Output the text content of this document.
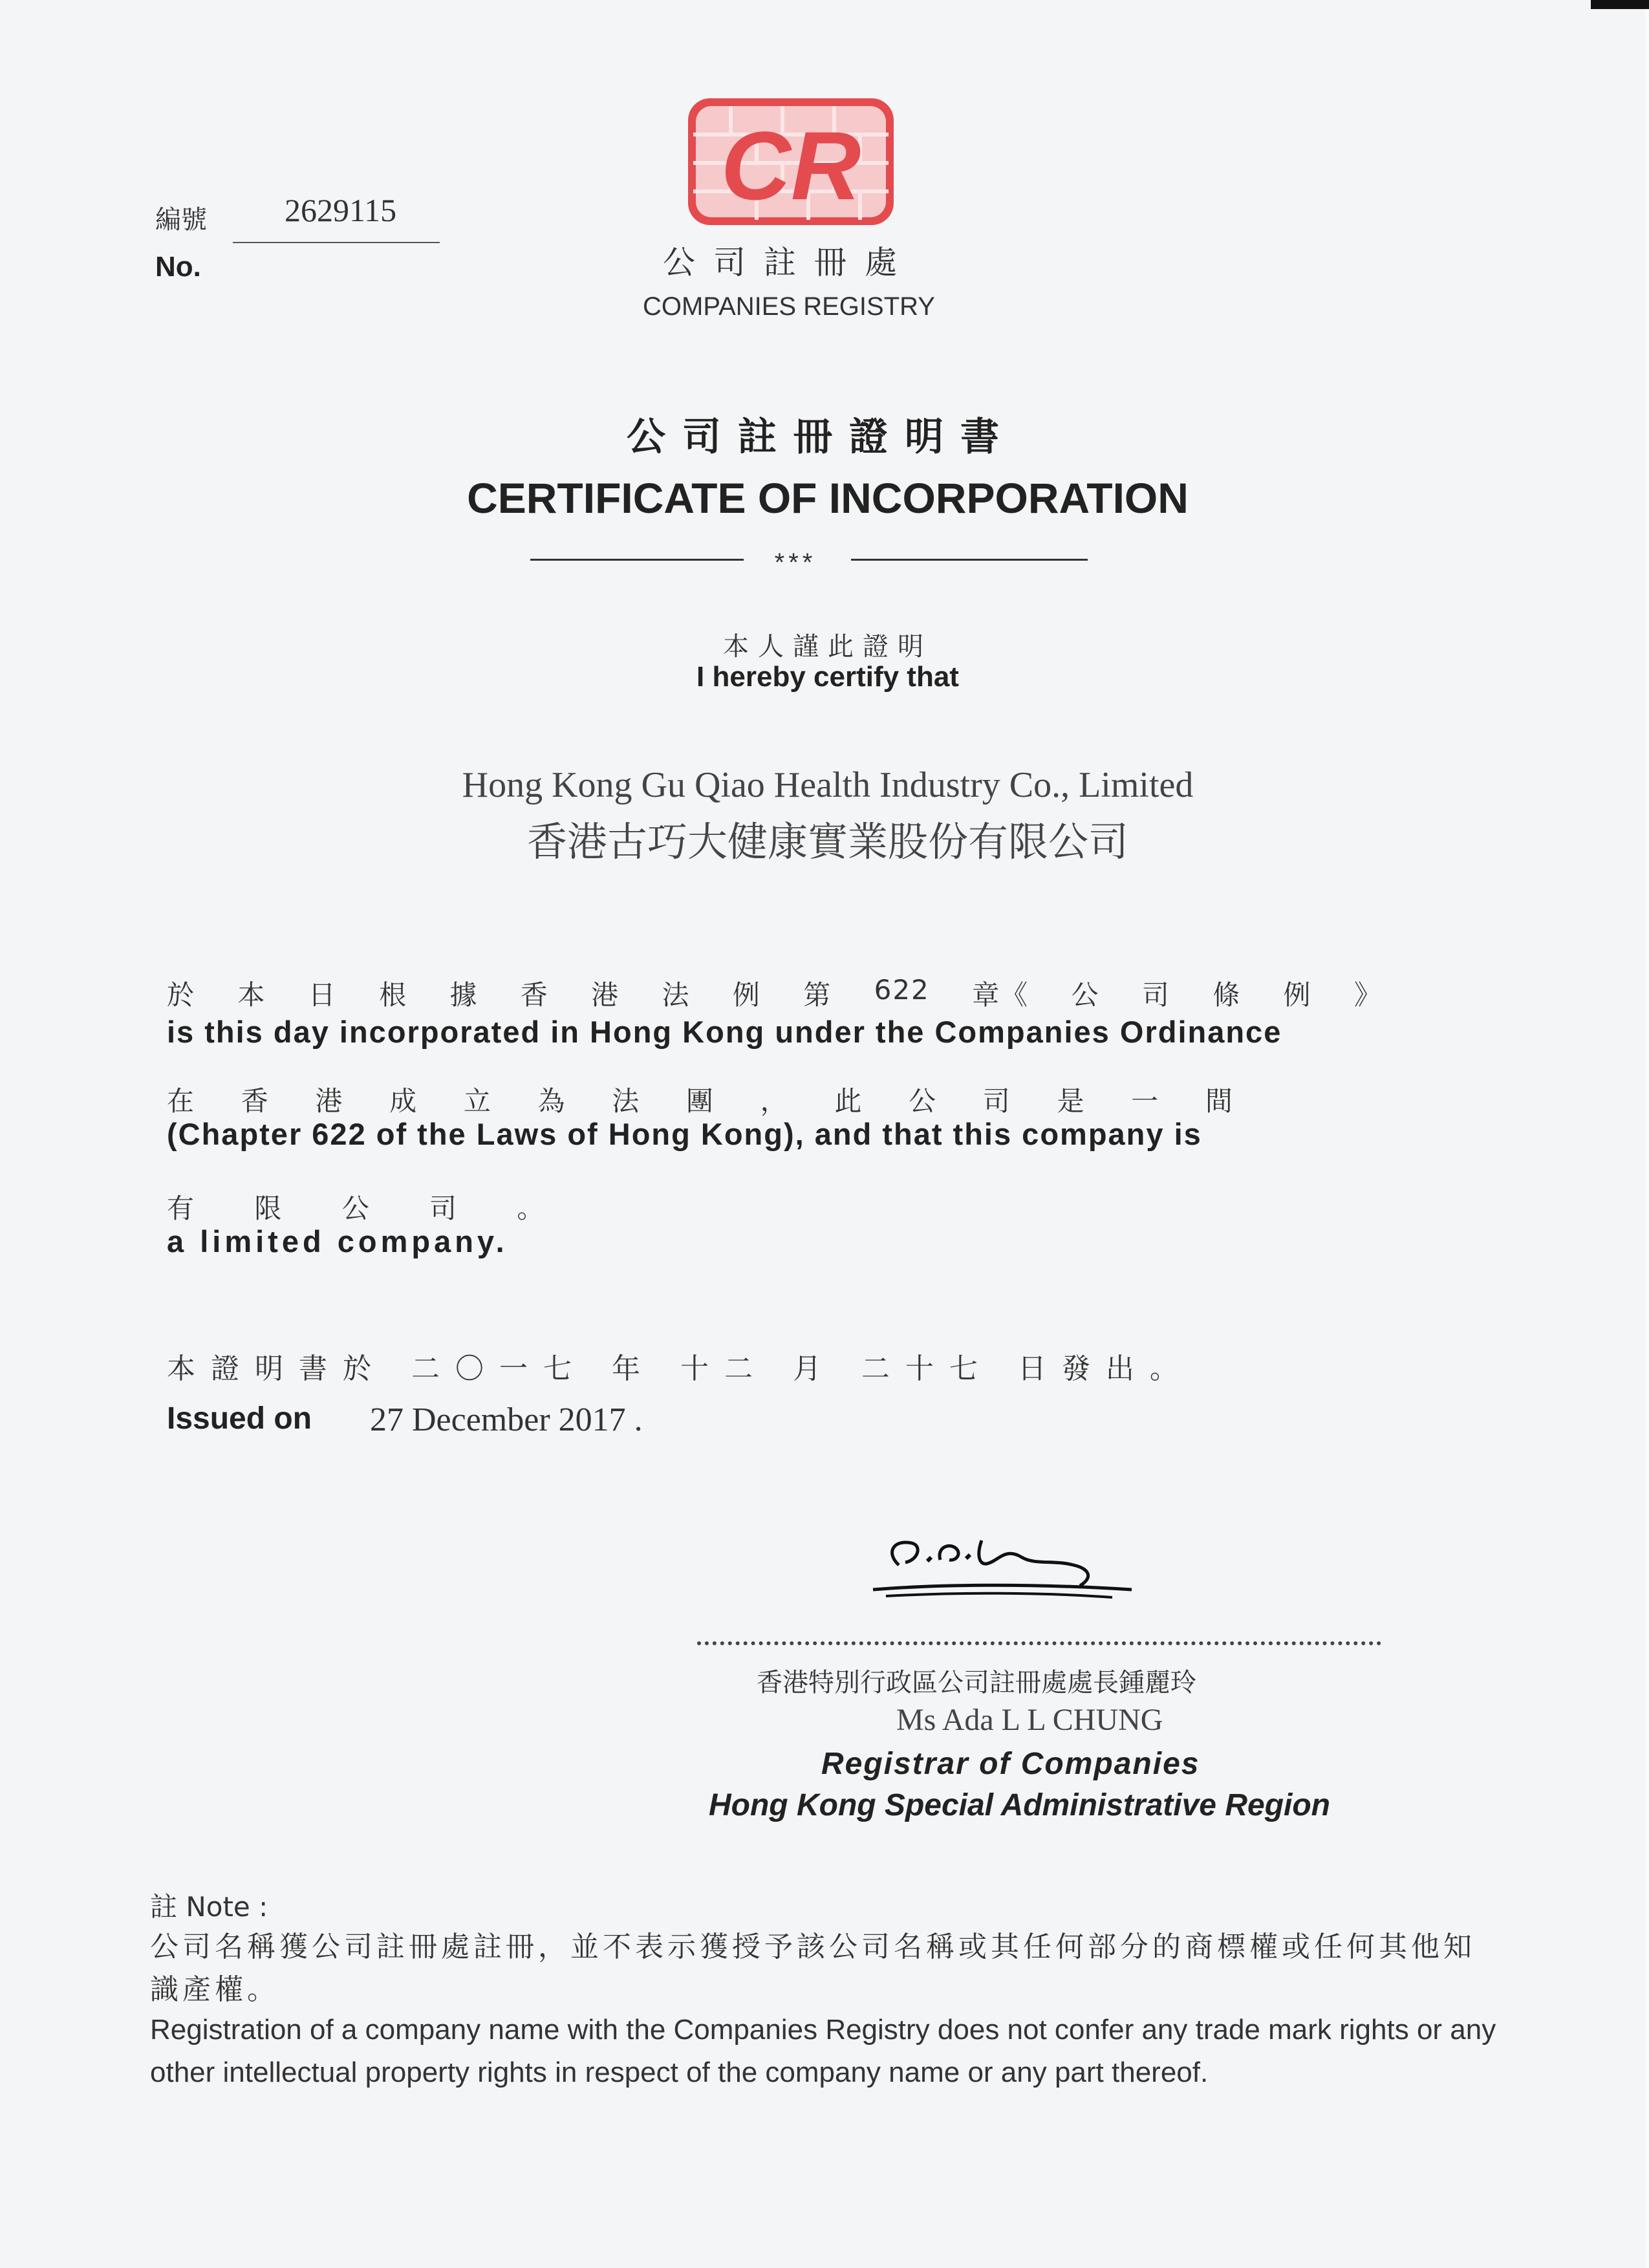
編號	2629115
No.
CR
公司註冊處
COMPANIES REGISTRY
公司註冊證明書
CERTIFICATE OF INCORPORATION
***
本人謹此證明
I hereby certify that
Hong Kong Gu Qiao Health Industry Co., Limited
香港古巧大健康實業股份有限公司
於 本 日 根 據 香 港 法 例 第 622 章《 公 司 條 例 》
is this day incorporated in Hong Kong under the Companies Ordinance
在 香 港 成 立 為 法 團 ， 此 公 司 是 一 間
(Chapter 622 of the Laws of Hong Kong), and that this company is
有 限 公 司 。
a limited company.
本證明書於 二〇一七 年 十二 月 二十七 日發出。
Issued on 27 December 2017 .
香港特別行政區公司註冊處處長鍾麗玲
Ms Ada L L CHUNG
Registrar of Companies
Hong Kong Special Administrative Region
註 Note :
公司名稱獲公司註冊處註冊，並不表示獲授予該公司名稱或其任何部分的商標權或任何其他知識產權。
Registration of a company name with the Companies Registry does not confer any trade mark rights or any other intellectual property rights in respect of the company name or any part thereof.
